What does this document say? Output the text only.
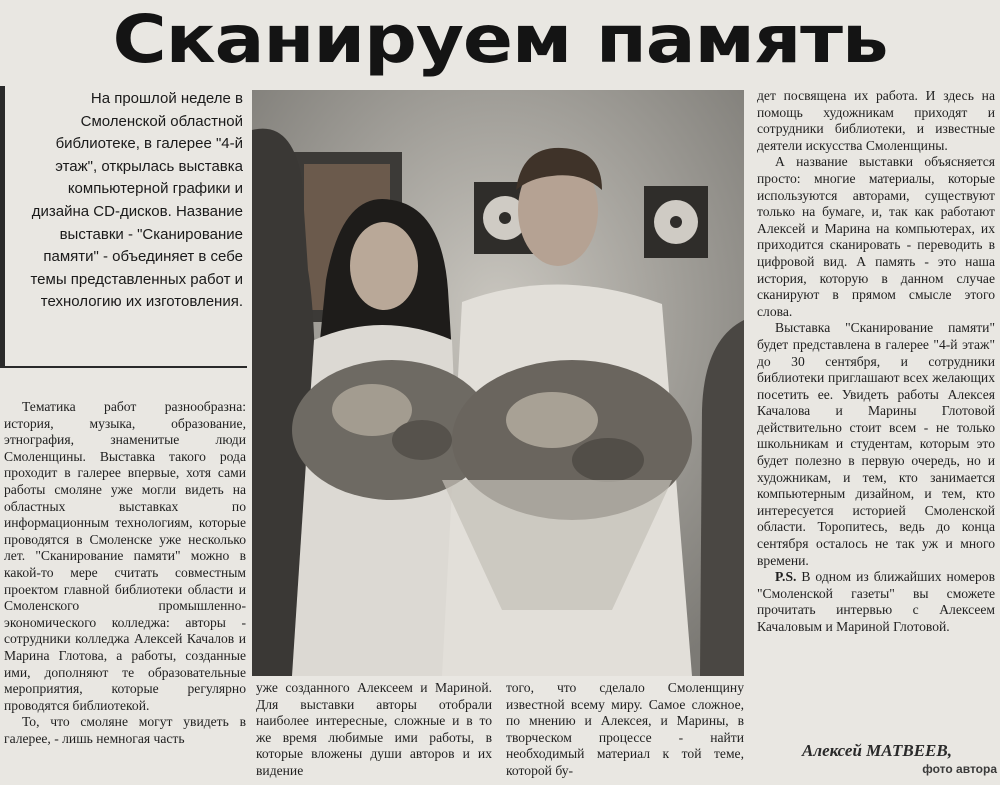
Сканируем память

На прошлой неделе в Смоленской областной библиотеке, в галерее "4-й этаж", открылась выставка компьютерной графики и дизайна CD-дисков. Название выставки - "Сканирование памяти" - объединяет в себе темы представленных работ и технологию их изготовления.

Тематика работ разнообразна: история, музыка, образование, этнография, знаменитые люди Смоленщины. Выставка такого рода проходит в галерее впервые, хотя сами работы смоляне уже могли видеть на областных выставках по информационным технологиям, которые проводятся в Смоленске уже несколько лет. "Сканирование памяти" можно в какой-то мере считать совместным проектом главной библиотеки области и Смоленского промышленно-экономического колледжа: авторы - сотрудники колледжа Алексей Качалов и Марина Глотова, а работы, созданные ими, дополняют те образовательные мероприятия, которые регулярно проводятся библиотекой.

То, что смоляне могут увидеть в галерее, - лишь немногая часть

уже созданного Алексеем и Мариной. Для выставки авторы отобрали наиболее интересные, сложные и в то же время любимые ими работы, в которые вложены души авторов и их видение

того, что сделало Смоленщину известной всему миру. Самое сложное, по мнению и Алексея, и Марины, в творческом процессе - найти необходимый материал к той теме, которой бу-

дет посвящена их работа. И здесь на помощь художникам приходят и сотрудники библиотеки, и известные деятели искусства Смоленщины.

А название выставки объясняется просто: многие материалы, которые используются авторами, существуют только на бумаге, и, так как работают Алексей и Марина на компьютерах, их приходится сканировать - переводить в цифровой вид. А память - это наша история, которую в данном случае сканируют в прямом смысле этого слова.

Выставка "Сканирование памяти" будет представлена в галерее "4-й этаж" до 30 сентября, и сотрудники библиотеки приглашают всех желающих посетить ее. Увидеть работы Алексея Качалова и Марины Глотовой действительно стоит всем - не только школьникам и студентам, которым это будет полезно в первую очередь, но и художникам, и тем, кто занимается компьютерным дизайном, и тем, кто интересуется историей Смоленской области. Торопитесь, ведь до конца сентября осталось не так уж и много времени.

P.S. В одном из ближайших номеров "Смоленской газеты" вы сможете прочитать интервью с Алексеем Качаловым и Мариной Глотовой.

Алексей МАТВЕЕВ,
фото автора
